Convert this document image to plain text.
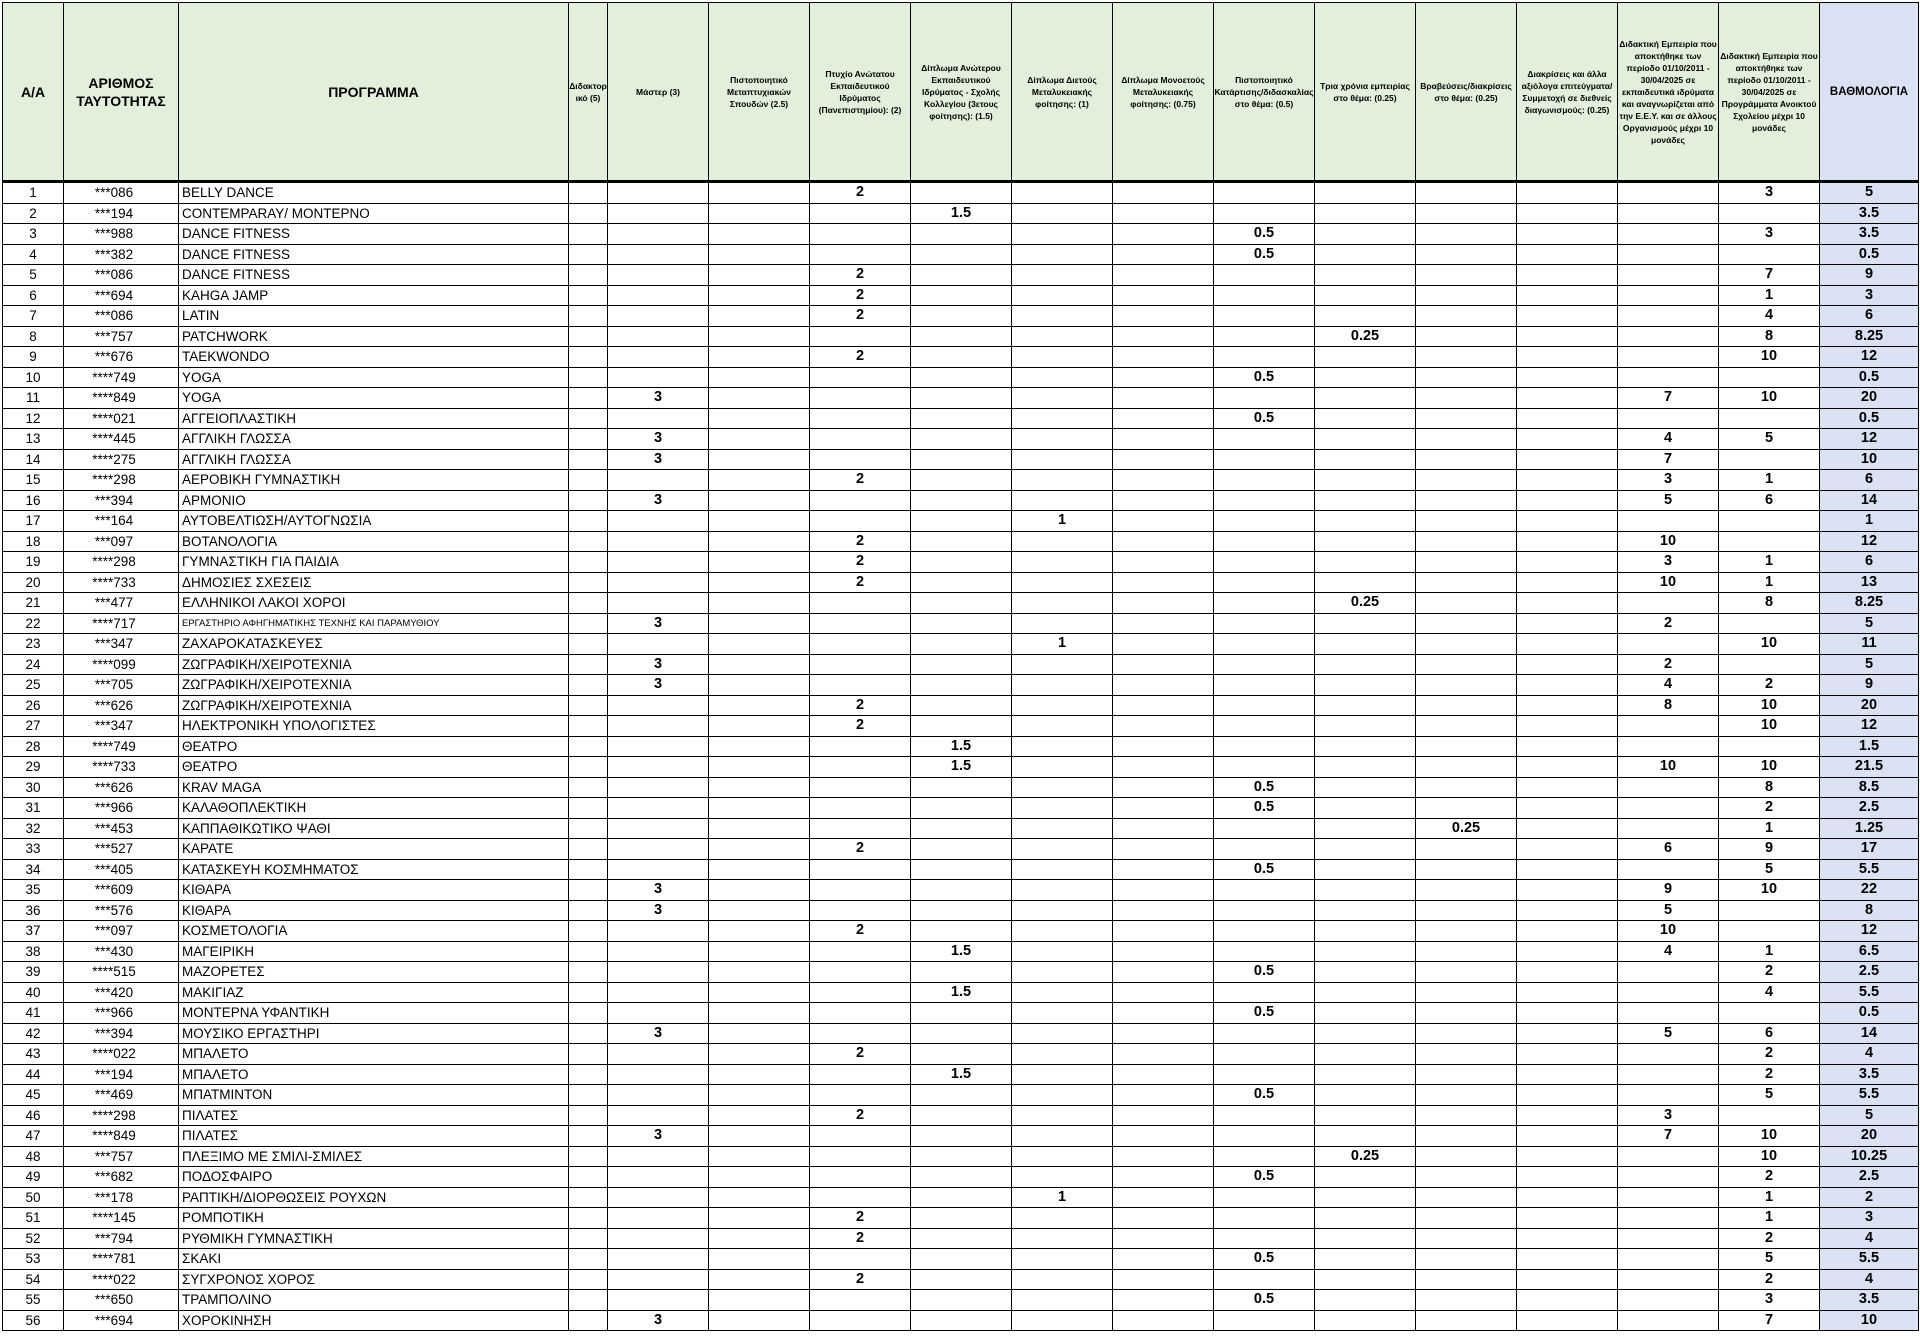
Α/Α	ΑΡΙΘΜΟΣ ΤΑΥΤΟΤΗΤΑΣ	ΠΡΟΓΡΑΜΜΑ	Διδακτορικό (5)	Μάστερ (3)	Πιστοποιητικό Μεταπτυχιακών Σπουδών (2.5)	Πτυχίο Ανώτατου Εκπαιδευτικού Ιδρύματος (Πανεπιστημίου): (2)	Δίπλωμα Ανώτερου Εκπαιδευτικού Ιδρύματος - Σχολής Κολλεγίου (3ετους φοίτησης): (1.5)	Δίπλωμα Διετούς Μεταλυκειακής φοίτησης: (1)	Δίπλωμα Μονοετούς Μεταλυκειακής φοίτησης: (0.75)	Πιστοποιητικό Κατάρτισης/διδασκαλίας στο θέμα: (0.5)	Τρια χρόνια εμπειρίας στο θέμα: (0.25)	Βραβεύσεις/διακρίσεις στο θέμα: (0.25)	Διακρίσεις και άλλα αξιόλογα επιτεύγματα/Συμμετοχή σε διεθνείς διαγωνισμούς: (0.25)	Διδακτική Εμπειρία που αποκτήθηκε των περίοδο 01/10/2011 - 30/04/2025 σε εκπαιδευτικά ιδρύματα και αναγνωρίζεται από την Ε.Ε.Υ. και σε άλλους Οργανισμούς μέχρι 10 μονάδες	Διδακτική Εμπειρία που αποκτήθηκε των περίοδο 01/10/2011 - 30/04/2025 σε Προγράμματα Ανοικτού Σχολείου μέχρι 10 μονάδες	ΒΑΘΜΟΛΟΓΙΑ
1	***086	BELLY DANCE				2									3	5
2	***194	CONTEMPARAY/ ΜΟΝΤΕΡΝΟ					1.5									3.5
3	***988	DANCE FITNESS								0.5					3	3.5
4	***382	DANCE FITNESS								0.5						0.5
5	***086	DANCE FITNESS				2									7	9
6	***694	KAHGA JAMP				2									1	3
7	***086	LATIN				2									4	6
8	***757	PATCHWORK									0.25				8	8.25
9	***676	TAEKWONDO				2									10	12
10	****749	YOGA								0.5						0.5
11	****849	YOGA		3										7	10	20
12	****021	ΑΓΓΕΙΟΠΛΑΣΤΙΚΗ								0.5						0.5
13	****445	ΑΓΓΛΙΚΗ ΓΛΩΣΣΑ		3										4	5	12
14	****275	ΑΓΓΛΙΚΗ ΓΛΩΣΣΑ		3										7		10
15	****298	ΑΕΡΟΒΙΚΗ ΓΥΜΝΑΣΤΙΚΗ				2								3	1	6
16	***394	ΑΡΜΟΝΙΟ		3										5	6	14
17	***164	ΑΥΤΟΒΕΛΤΙΩΣΗ/ΑΥΤΟΓΝΩΣΙΑ						1								1
18	***097	ΒΟΤΑΝΟΛΟΓΙΑ				2								10		12
19	****298	ΓΥΜΝΑΣΤΙΚΗ ΓΙΑ ΠΑΙΔΙΑ				2								3	1	6
20	****733	ΔΗΜΟΣΙΕΣ ΣΧΕΣΕΙΣ				2								10	1	13
21	***477	ΕΛΛΗΝΙΚΟΙ ΛΑΚΟΙ ΧΟΡΟΙ									0.25				8	8.25
22	****717	ΕΡΓΑΣΤΗΡΙΟ ΑΦΗΓΗΜΑΤΙΚΗΣ ΤΕΧΝΗΣ ΚΑΙ ΠΑΡΑΜΥΘΙΟΥ		3										2		5
23	***347	ΖΑΧΑΡΟΚΑΤΑΣΚΕΥΕΣ						1							10	11
24	****099	ΖΩΓΡΑΦΙΚΗ/ΧΕΙΡΟΤΕΧΝΙΑ		3										2		5
25	***705	ΖΩΓΡΑΦΙΚΗ/ΧΕΙΡΟΤΕΧΝΙΑ		3										4	2	9
26	***626	ΖΩΓΡΑΦΙΚΗ/ΧΕΙΡΟΤΕΧΝΙΑ				2								8	10	20
27	***347	ΗΛΕΚΤΡΟΝΙΚΗ ΥΠΟΛΟΓΙΣΤΕΣ				2									10	12
28	****749	ΘΕΑΤΡΟ					1.5									1.5
29	****733	ΘΕΑΤΡΟ					1.5							10	10	21.5
30	***626	KRAV MAGA								0.5					8	8.5
31	***966	ΚΑΛΑΘΟΠΛΕΚΤΙΚΗ								0.5					2	2.5
32	***453	ΚΑΠΠΑΘΙΚΩΤΙΚΟ ΨΑΘΙ										0.25			1	1.25
33	***527	ΚΑΡΑΤΕ				2								6	9	17
34	***405	ΚΑΤΑΣΚΕΥΗ ΚΟΣΜΗΜΑΤΟΣ								0.5					5	5.5
35	***609	ΚΙΘΑΡΑ		3										9	10	22
36	***576	ΚΙΘΑΡΑ		3										5		8
37	***097	ΚΟΣΜΕΤΟΛΟΓΙΑ				2								10		12
38	***430	ΜΑΓΕΙΡΙΚΗ					1.5							4	1	6.5
39	****515	ΜΑΖΟΡΕΤΕΣ								0.5					2	2.5
40	***420	ΜΑΚΙΓΙΑΖ					1.5								4	5.5
41	***966	ΜΟΝΤΕΡΝΑ ΥΦΑΝΤΙΚΗ								0.5						0.5
42	***394	ΜΟΥΣΙΚΟ ΕΡΓΑΣΤΗΡΙ		3										5	6	14
43	****022	ΜΠΑΛΕΤΟ				2									2	4
44	***194	ΜΠΑΛΕΤΟ					1.5								2	3.5
45	***469	ΜΠΑΤΜΙΝΤΟΝ								0.5					5	5.5
46	****298	ΠΙΛΑΤΕΣ				2								3		5
47	****849	ΠΙΛΑΤΕΣ		3										7	10	20
48	***757	ΠΛΕΞΙΜΟ ΜΕ ΣΜΙΛΙ-ΣΜΙΛΕΣ									0.25				10	10.25
49	***682	ΠΟΔΟΣΦΑΙΡΟ								0.5					2	2.5
50	***178	ΡΑΠΤΙΚΗ/ΔΙΟΡΘΩΣΕΙΣ ΡΟΥΧΩΝ						1							1	2
51	****145	ΡΟΜΠΟΤΙΚΗ				2									1	3
52	***794	ΡΥΘΜΙΚΗ ΓΥΜΝΑΣΤΙΚΗ				2									2	4
53	****781	ΣΚΑΚΙ								0.5					5	5.5
54	****022	ΣΥΓΧΡΟΝΟΣ ΧΟΡΟΣ				2									2	4
55	***650	ΤΡΑΜΠΟΛΙΝΟ								0.5					3	3.5
56	***694	ΧΟΡΟΚΙΝΗΣΗ		3											7	10
